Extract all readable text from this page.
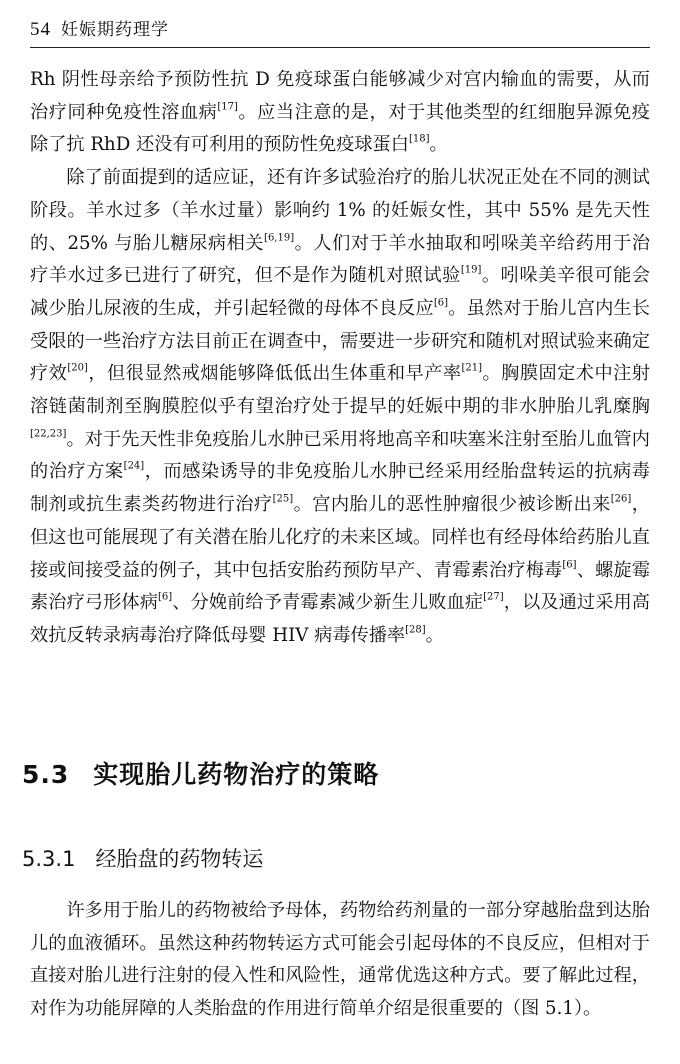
54 妊娠期药理学

Rh 阴性母亲给予预防性抗 D 免疫球蛋白能够减少对宫内输血的需要，从而治疗同种免疫性溶血病[17]。应当注意的是，对于其他类型的红细胞异源免疫除了抗 RhD 还没有可利用的预防性免疫球蛋白[18]。

除了前面提到的适应证，还有许多试验治疗的胎儿状况正处在不同的测试阶段。羊水过多（羊水过量）影响约 1% 的妊娠女性，其中 55% 是先天性的、25% 与胎儿糖尿病相关[6,19]。人们对于羊水抽取和吲哚美辛给药用于治疗羊水过多已进行了研究，但不是作为随机对照试验[19]。吲哚美辛很可能会减少胎儿尿液的生成，并引起轻微的母体不良反应[6]。虽然对于胎儿宫内生长受限的一些治疗方法目前正在调查中，需要进一步研究和随机对照试验来确定疗效[20]，但很显然戒烟能够降低低出生体重和早产率[21]。胸膜固定术中注射溶链菌制剂至胸膜腔似乎有望治疗处于提早的妊娠中期的非水肿胎儿乳糜胸[22,23]。对于先天性非免疫胎儿水肿已采用将地高辛和呋塞米注射至胎儿血管内的治疗方案[24]，而感染诱导的非免疫胎儿水肿已经采用经胎盘转运的抗病毒制剂或抗生素类药物进行治疗[25]。宫内胎儿的恶性肿瘤很少被诊断出来[26]，但这也可能展现了有关潜在胎儿化疗的未来区域。同样也有经母体给药胎儿直接或间接受益的例子，其中包括安胎药预防早产、青霉素治疗梅毒[6]、螺旋霉素治疗弓形体病[6]、分娩前给予青霉素减少新生儿败血症[27]，以及通过采用高效抗反转录病毒治疗降低母婴 HIV 病毒传播率[28]。

5.3 实现胎儿药物治疗的策略
5.3.1 经胎盘的药物转运

许多用于胎儿的药物被给予母体，药物给药剂量的一部分穿越胎盘到达胎儿的血液循环。虽然这种药物转运方式可能会引起母体的不良反应，但相对于直接对胎儿进行注射的侵入性和风险性，通常优选这种方式。要了解此过程，对作为功能屏障的人类胎盘的作用进行简单介绍是很重要的（图 5.1）。
